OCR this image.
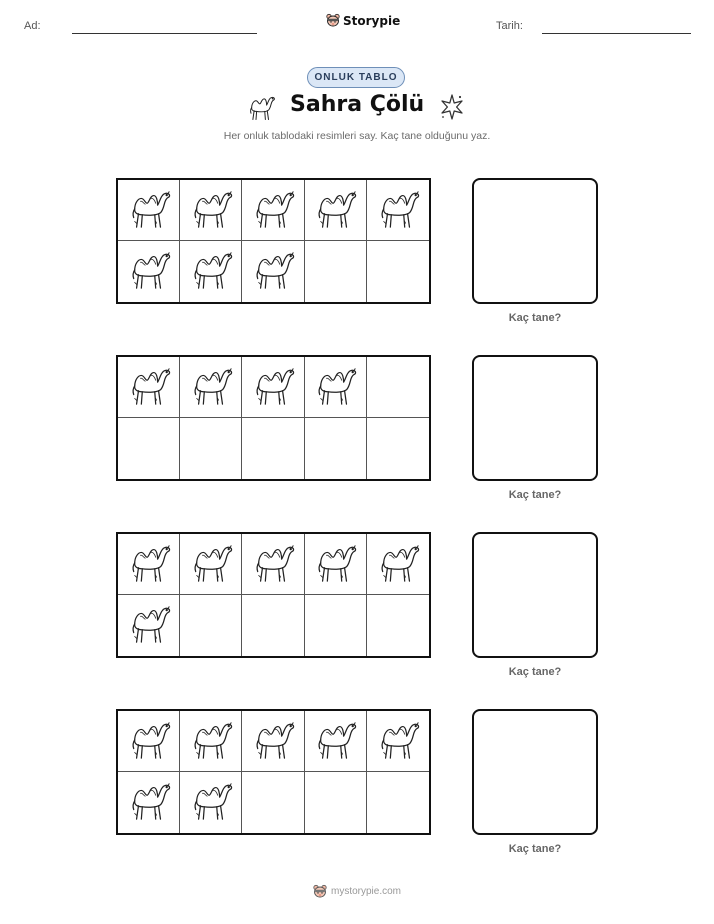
Ad:	Storypie	Tarih:
ONLUK TABLO
Sahra Çölü
Her onluk tablodaki resimleri say. Kaç tane olduğunu yaz.
Kaç tane?
Kaç tane?
Kaç tane?
Kaç tane?
mystorypie.com
